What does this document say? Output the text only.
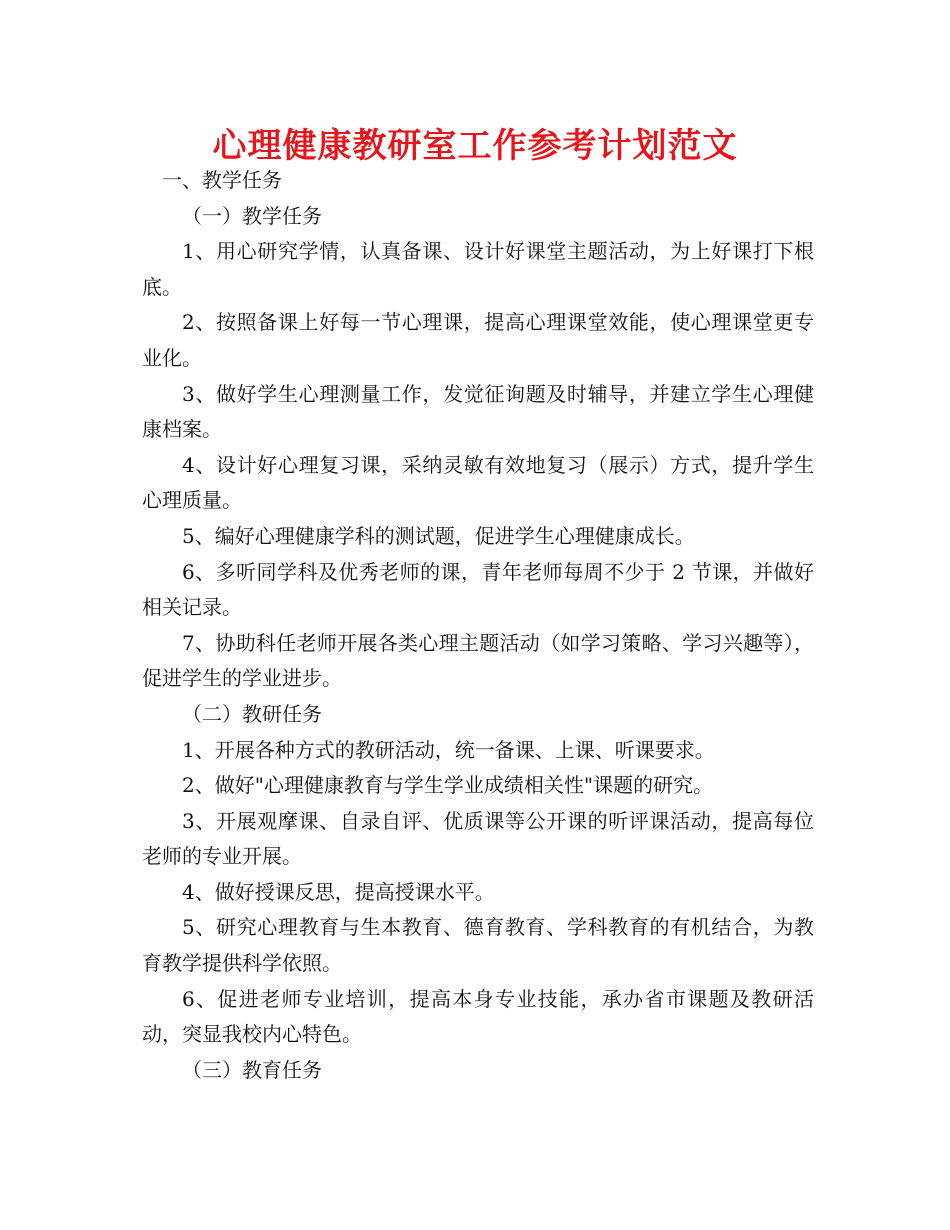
心理健康教研室工作参考计划范文

一、教学任务

（一）教学任务

1、用心研究学情，认真备课、设计好课堂主题活动，为上好课打下根底。

2、按照备课上好每一节心理课，提高心理课堂效能，使心理课堂更专业化。

3、做好学生心理测量工作，发觉征询题及时辅导，并建立学生心理健康档案。

4、设计好心理复习课，采纳灵敏有效地复习（展示）方式，提升学生心理质量。

5、编好心理健康学科的测试题，促进学生心理健康成长。

6、多听同学科及优秀老师的课，青年老师每周不少于 2 节课，并做好相关记录。

7、协助科任老师开展各类心理主题活动（如学习策略、学习兴趣等），促进学生的学业进步。

（二）教研任务

1、开展各种方式的教研活动，统一备课、上课、听课要求。

2、做好"心理健康教育与学生学业成绩相关性"课题的研究。

3、开展观摩课、自录自评、优质课等公开课的听评课活动，提高每位老师的专业开展。

4、做好授课反思，提高授课水平。

5、研究心理教育与生本教育、德育教育、学科教育的有机结合，为教育教学提供科学依照。

6、促进老师专业培训，提高本身专业技能，承办省市课题及教研活动，突显我校内心特色。

（三）教育任务
